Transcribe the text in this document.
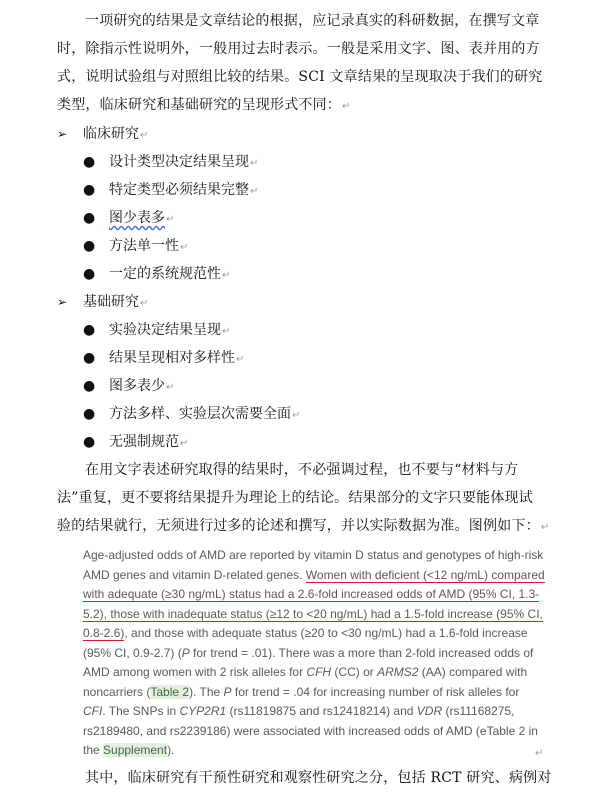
一项研究的结果是文章结论的根据，应记录真实的科研数据，在撰写文章
时，除指示性说明外，一般用过去时表示。一般是采用文字、图、表并用的方
式，说明试验组与对照组比较的结果。SCI 文章结果的呈现取决于我们的研究
类型，临床研究和基础研究的呈现形式不同：↵
➢ 临床研究↵
● 设计类型决定结果呈现↵
● 特定类型必须结果完整↵
● 图少表多↵
● 方法单一性↵
● 一定的系统规范性↵
➢ 基础研究↵
● 实验决定结果呈现↵
● 结果呈现相对多样性↵
● 图多表少↵
● 方法多样、实验层次需要全面↵
● 无强制规范↵
在用文字表述研究取得的结果时，不必强调过程，也不要与“材料与方
法”重复，更不要将结果提升为理论上的结论。结果部分的文字只要能体现试
验的结果就行，无须进行过多的论述和撰写，并以实际数据为准。图例如下：↵
Age-adjusted odds of AMD are reported by vitamin D status and genotypes of high-risk
AMD genes and vitamin D-related genes. Women with deficient (<12 ng/mL) compared
with adequate (≥30 ng/mL) status had a 2.6-fold increased odds of AMD (95% CI, 1.3-
5.2), those with inadequate status (≥12 to <20 ng/mL) had a 1.5-fold increase (95% CI,
0.8-2.6), and those with adequate status (≥20 to <30 ng/mL) had a 1.6-fold increase
(95% CI, 0.9-2.7) (P for trend = .01). There was a more than 2-fold increased odds of
AMD among women with 2 risk alleles for CFH (CC) or ARMS2 (AA) compared with
noncarriers (Table 2). The P for trend = .04 for increasing number of risk alleles for
CFI. The SNPs in CYP2R1 (rs11819875 and rs12418214) and VDR (rs11168275,
rs2189480, and rs2239186) were associated with increased odds of AMD (eTable 2 in
the Supplement).	↵
其中，临床研究有干预性研究和观察性研究之分，包括 RCT 研究、病例对
